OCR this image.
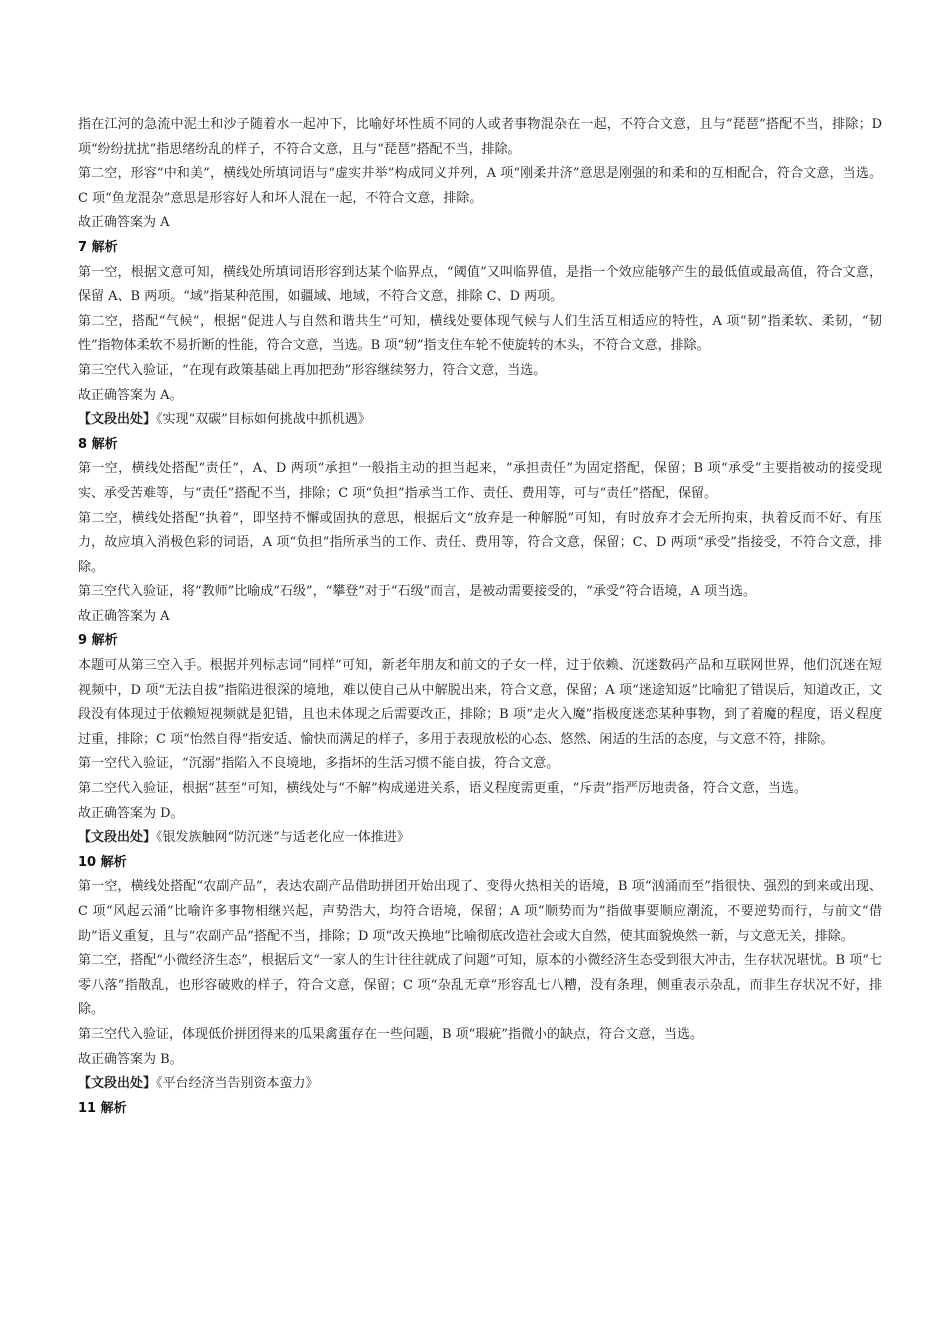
指在江河的急流中泥土和沙子随着水一起冲下，比喻好坏性质不同的人或者事物混杂在一起，不符合文意，且与“琵琶”搭配不当，排除；D 项“纷纷扰扰”指思绪纷乱的样子，不符合文意，且与“琵琶”搭配不当，排除。

第二空，形容“中和美”，横线处所填词语与“虚实并举”构成同义并列，A 项“刚柔并济”意思是刚强的和柔和的互相配合，符合文意，当选。C 项“鱼龙混杂”意思是形容好人和坏人混在一起，不符合文意，排除。

故正确答案为 A

7 解析

第一空，根据文意可知，横线处所填词语形容到达某个临界点，“阈值”又叫临界值，是指一个效应能够产生的最低值或最高值，符合文意，保留 A、B 两项。“域”指某种范围，如疆域、地域，不符合文意，排除 C、D 两项。

第二空，搭配“气候”，根据“促进人与自然和谐共生”可知，横线处要体现气候与人们生活互相适应的特性，A 项“韧”指柔软、柔韧，“韧性”指物体柔软不易折断的性能，符合文意，当选。B 项“轫”指支住车轮不使旋转的木头，不符合文意，排除。

第三空代入验证，“在现有政策基础上再加把劲”形容继续努力，符合文意，当选。

故正确答案为 A。

【文段出处】《实现“双碳”目标如何挑战中抓机遇》

8 解析

第一空，横线处搭配“责任”，A、D 两项“承担”一般指主动的担当起来，“承担责任”为固定搭配，保留；B 项“承受”主要指被动的接受现实、承受苦难等，与“责任”搭配不当，排除；C 项“负担”指承当工作、责任、费用等，可与“责任”搭配，保留。

第二空，横线处搭配“执着”，即坚持不懈或固执的意思，根据后文“放弃是一种解脱”可知，有时放弃才会无所拘束，执着反而不好、有压力，故应填入消极色彩的词语，A 项“负担”指所承当的工作、责任、费用等，符合文意，保留；C、D 两项“承受”指接受，不符合文意，排除。

第三空代入验证，将“教师”比喻成“石级”，“攀登”对于“石级”而言，是被动需要接受的，“承受”符合语境，A 项当选。

故正确答案为 A

9 解析

本题可从第三空入手。根据并列标志词“同样”可知，新老年朋友和前文的子女一样，过于依赖、沉迷数码产品和互联网世界，他们沉迷在短视频中，D 项“无法自拔”指陷进很深的境地，难以使自己从中解脱出来，符合文意，保留；A 项“迷途知返”比喻犯了错误后，知道改正，文段没有体现过于依赖短视频就是犯错，且也未体现之后需要改正，排除；B 项“走火入魔”指极度迷恋某种事物，到了着魔的程度，语义程度过重，排除；C 项“怡然自得”指安适、愉快而满足的样子，多用于表现放松的心态、悠然、闲适的生活的态度，与文意不符，排除。

第一空代入验证，“沉溺”指陷入不良境地，多指坏的生活习惯不能自拔，符合文意。

第二空代入验证，根据“甚至”可知，横线处与“不解”构成递进关系，语义程度需更重，“斥责”指严厉地责备，符合文意，当选。

故正确答案为 D。

【文段出处】《银发族触网“防沉迷”与适老化应一体推进》

10 解析

第一空，横线处搭配“农副产品”，表达农副产品借助拼团开始出现了、变得火热相关的语境，B 项“汹涌而至”指很快、强烈的到来或出现、C 项“风起云涌”比喻许多事物相继兴起，声势浩大，均符合语境，保留；A 项“顺势而为”指做事要顺应潮流，不要逆势而行，与前文“借助”语义重复，且与“农副产品”搭配不当，排除；D 项“改天换地”比喻彻底改造社会或大自然，使其面貌焕然一新，与文意无关，排除。

第二空，搭配“小微经济生态”，根据后文“一家人的生计往往就成了问题”可知，原本的小微经济生态受到很大冲击，生存状况堪忧。B 项“七零八落”指散乱，也形容破败的样子，符合文意，保留；C 项“杂乱无章”形容乱七八糟，没有条理，侧重表示杂乱，而非生存状况不好，排除。

第三空代入验证，体现低价拼团得来的瓜果禽蛋存在一些问题，B 项“瑕疵”指微小的缺点，符合文意，当选。

故正确答案为 B。

【文段出处】《平台经济当告别资本蛮力》

11 解析
